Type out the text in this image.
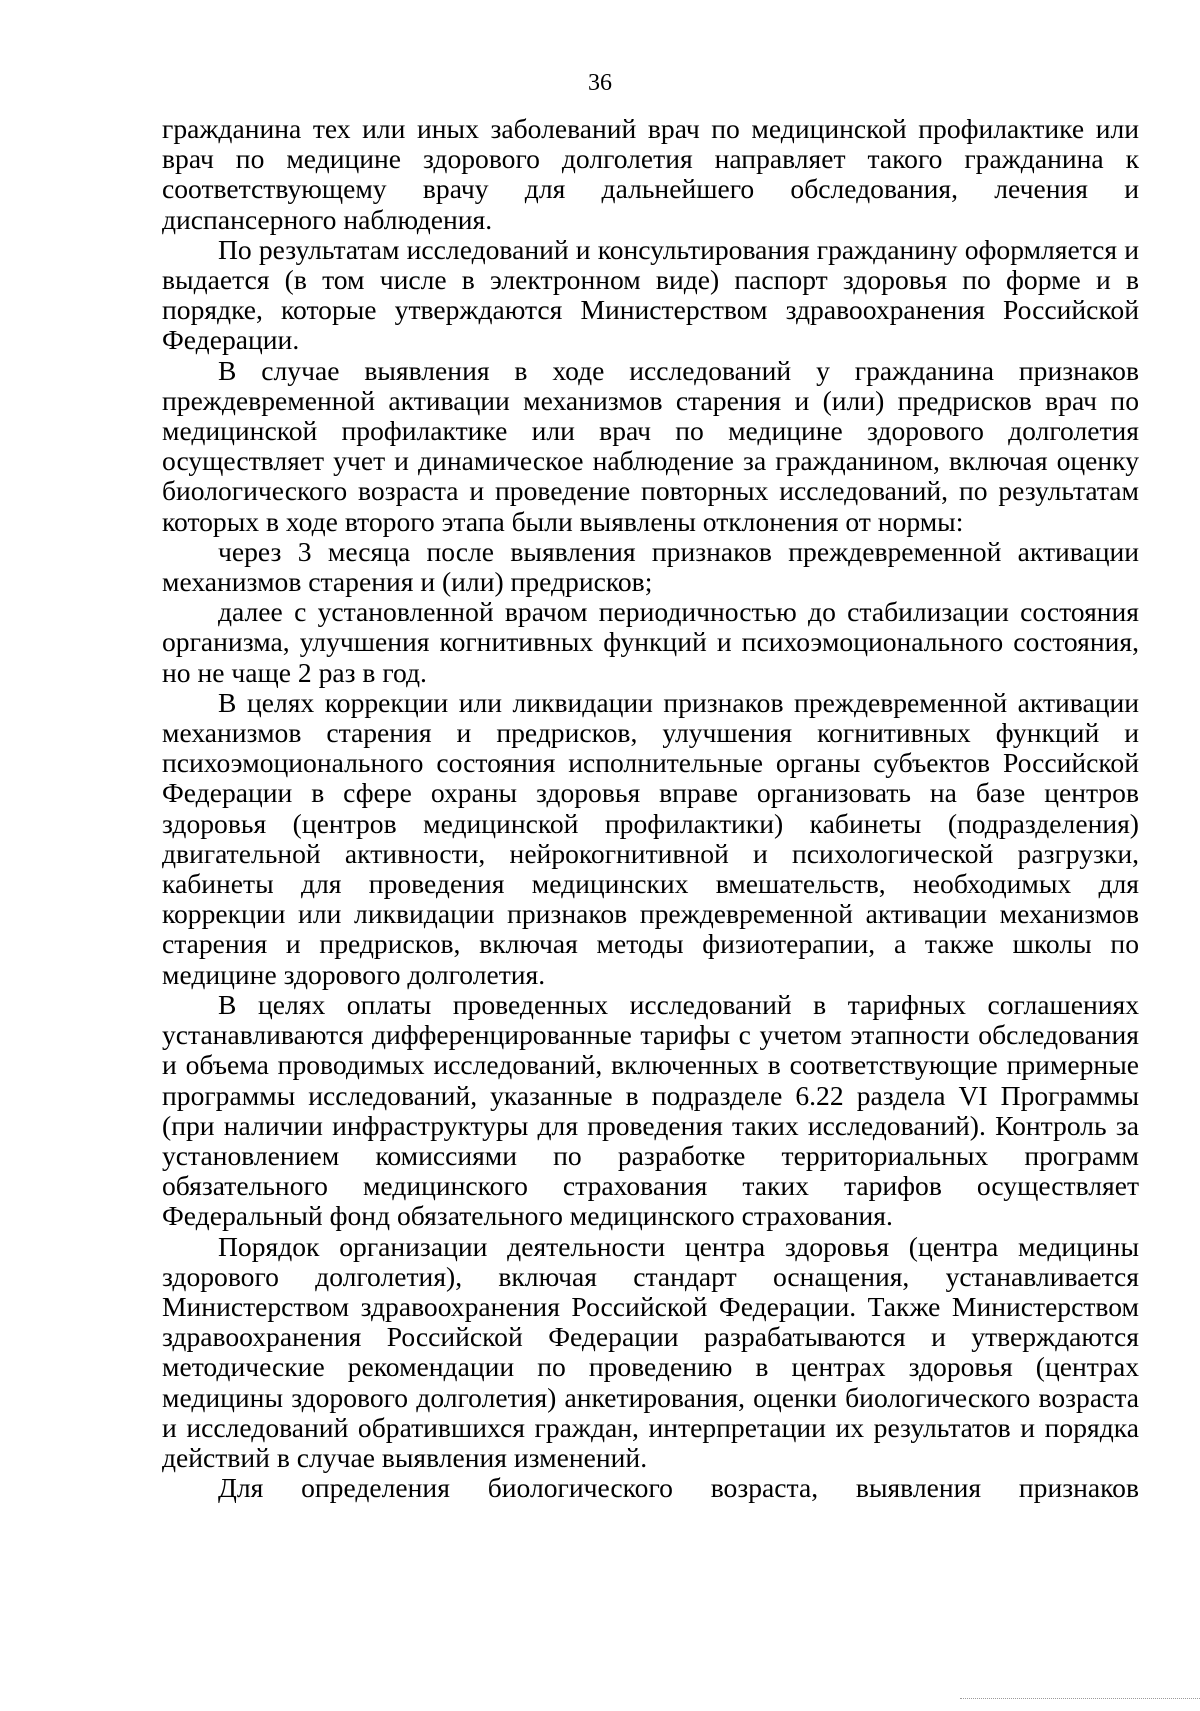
36

гражданина тех или иных заболеваний врач по медицинской профилактике или врач по медицине здорового долголетия направляет такого гражданина к соответствующему врачу для дальнейшего обследования, лечения и диспансерного наблюдения.

По результатам исследований и консультирования гражданину оформляется и выдается (в том числе в электронном виде) паспорт здоровья по форме и в порядке, которые утверждаются Министерством здравоохранения Российской Федерации.

В случае выявления в ходе исследований у гражданина признаков преждевременной активации механизмов старения и (или) предрисков врач по медицинской профилактике или врач по медицине здорового долголетия осуществляет учет и динамическое наблюдение за гражданином, включая оценку биологического возраста и проведение повторных исследований, по результатам которых в ходе второго этапа были выявлены отклонения от нормы:

через 3 месяца после выявления признаков преждевременной активации механизмов старения и (или) предрисков;

далее с установленной врачом периодичностью до стабилизации состояния организма, улучшения когнитивных функций и психоэмоционального состояния, но не чаще 2 раз в год.

В целях коррекции или ликвидации признаков преждевременной активации механизмов старения и предрисков, улучшения когнитивных функций и психоэмоционального состояния исполнительные органы субъектов Российской Федерации в сфере охраны здоровья вправе организовать на базе центров здоровья (центров медицинской профилактики) кабинеты (подразделения) двигательной активности, нейрокогнитивной и психологической разгрузки, кабинеты для проведения медицинских вмешательств, необходимых для коррекции или ликвидации признаков преждевременной активации механизмов старения и предрисков, включая методы физиотерапии, а также школы по медицине здорового долголетия.

В целях оплаты проведенных исследований в тарифных соглашениях устанавливаются дифференцированные тарифы с учетом этапности обследования и объема проводимых исследований, включенных в соответствующие примерные программы исследований, указанные в подразделе 6.22 раздела VI Программы (при наличии инфраструктуры для проведения таких исследований). Контроль за установлением комиссиями по разработке территориальных программ обязательного медицинского страхования таких тарифов осуществляет Федеральный фонд обязательного медицинского страхования.

Порядок организации деятельности центра здоровья (центра медицины здорового долголетия), включая стандарт оснащения, устанавливается Министерством здравоохранения Российской Федерации. Также Министерством здравоохранения Российской Федерации разрабатываются и утверждаются методические рекомендации по проведению в центрах здоровья (центрах медицины здорового долголетия) анкетирования, оценки биологического возраста и исследований обратившихся граждан, интерпретации их результатов и порядка действий в случае выявления изменений.

Для определения биологического возраста, выявления признаков
